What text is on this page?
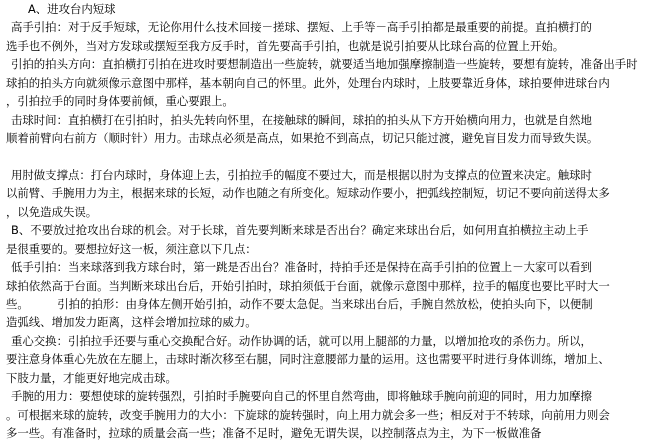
A、进攻台内短球
高手引拍：对于反手短球，无论你用什么技术回接－搓球、摆短、上手等－高手引拍都是最重要的前提。直拍横打的
选手也不例外，当对方发球或摆短至我方反手时，首先要高手引拍，也就是说引拍要从比球台高的位置上开始。
引拍的拍头方向：直拍横打引拍在进攻时要想制造出一些旋转，就要适当地加强摩擦制造一些旋转，要想有旋转，准备出手时
球拍的拍头方向就须像示意图中那样，基本朝向自己的怀里。此外，处理台内球时，上肢要靠近身体，球拍要伸进球台内
，引拍拉手的同时身体要前倾，重心要跟上。
击球时间：直拍横打在引拍时，拍头先转向怀里，在接触球的瞬间，球拍的拍头从下方开始横向用力，也就是自然地
顺着前臂向右前方（顺时针）用力。击球点必须是高点，如果抢不到高点，切记只能过渡，避免盲目发力而导致失误。
用肘做支撑点：打台内球时，身体迎上去，引拍拉手的幅度不要过大，而是根据以肘为支撑点的位置来决定。触球时
以前臂、手腕用力为主，根据来球的长短，动作也随之有所变化。短球动作要小，把弧线控制短，切记不要向前送得太多
，以免造成失误。
B、不要放过抢攻出台球的机会。对于长球，首先要判断来球是否出台？确定来球出台后，如何用直拍横拉主动上手
是很重要的。要想拉好这一板，须注意以下几点：
低手引拍：当来球落到我方球台时，第一跳是否出台？准备时，持拍手还是保持在高手引拍的位置上－大家可以看到
球拍依然高于台面。当判断来球出台后，开始引拍时，球拍须低于台面，就像示意图中那样，拉手的幅度也要比平时大一
些。　　　引拍的拍形：由身体左侧开始引拍，动作不要太急促。当来球出台后，手腕自然放松，使拍头向下，以便制
造弧线、增加发力距离，这样会增加拉球的威力。
重心交换：引拍拉手还要与重心交换配合好。动作协调的话，就可以用上腿部的力量，以增加抢攻的杀伤力。所以，
要注意身体重心先放在左腿上，击球时渐次移至右腿，同时注意腰部力量的运用。这也需要平时进行身体训练，增加上、
下肢力量，才能更好地完成击球。
手腕的用力：要想使球的旋转强烈，引拍时手腕要向自己的怀里自然弯曲，即将触球手腕向前迎的同时，用力加摩擦
。可根据来球的旋转，改变手腕用力的大小：下旋球的旋转强时，向上用力就会多一些；相反对于不转球，向前用力则会
多一些。有准备时，拉球的质量会高一些；准备不足时，避免无谓失误，以控制落点为主，为下一板做准备
